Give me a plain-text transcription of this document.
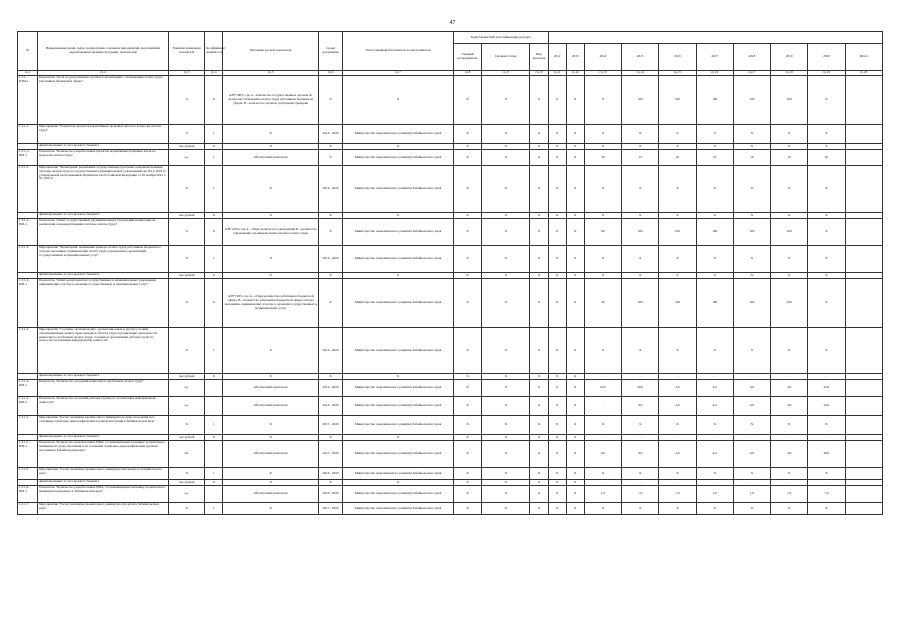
47
№	Наименование целей, задач, подпрограмм, основных мероприятий, мероприятий, ведомственных целевых программ, показателей	Единица измерения показателя	Коэффициент значимости	Методика расчета показателя	Сроки реализации	Ответственный исполнитель и соисполнители	Коды бюджетной классификации расходов												
							Главный распорядитель	Целевая статья	Вид расходов	2012	2013	2014	2015	2016	2017	2018	2019	2020	Итого

гр.1	гр.2	гр.3	гр.4	гр.5	гр.6	гр.7	гр.8	гр.9	гр.10	гр.11	гр.12	гр.13	гр.14	гр.15	гр.16	гр.17	гр.18	гр.19	гр.20
1.3.1.-ПЗМ-1	Показатель "Доля государственных органов и организаций, соблюдающих оплату труда работников бюджетной сферы"	%	X	A/B*100%, где A - количество государственных органов по вопросам соблюдения оплаты труда работников бюджетной сферы, B - количество органов, требующих проверки	X	X	X	X	X	X	X	X	100	100	100	100	100	X	
1.3.1.1.	Мероприятие "Разработка проектов нормативных правовых актов по вопросам оплаты труда"	X	1	X	2014 - 2020	Министерство экономического развития Забайкальского края	X	X	X	X	X	X	X	X	X	X	X	X	
	финансирование за счет краевого бюджета	тыс.рублей	X	X	X	X	X	X	X	X	X	X	X	X	X	X	X	X	
1.3.1.1.-ПМ-1	Показатель "Количество разработанных проектов нормативных правовых актов по вопросам оплаты труда"	ед.	1	Абсолютный показатель	X	Министерство экономического развития Забайкальского края	X	X	X	X	X	30	12	10	10	10	10	92	
1.3.1.2.	Мероприятие "Мониторинг реализации государственных программ совершенствования системы оплаты труда в государственных (муниципальных) учреждениях на 2012-2018 гг., утвержденной распоряжением Правительства Российской Федерации от 26 ноября 2012 г. № 2190-р"	X	1	X	2014 - 2020	Министерство экономического развития Забайкальского края	X	X	X	X	X	X	X	X	X	X	X	X	
	финансирование за счет краевого бюджета	тыс.рублей	X	X	X	X	X	X	X	X	X	X	X	X	X	X	X	X	
1.3.1.2.-ПМ-1	Показатель "Охват государственных (муниципальных) учреждений мониторингом реализации совершенствования системы оплаты труда"	%	X	A/B*100%, где A - общее количество учреждений, B - количество учреждений, где введена новая система оплаты труда	X	Министерство экономического развития Забайкальского края	X	X	X	X	X	90	100	100	100	100	100	X	
1.3.1.3.	Мероприятие "Мониторинг повышения размера оплаты труда работников бюджетного сектора экономики, принимающих оплату труда учреждений и организаций государственных и муниципальных услуг"	X	1	X	2014 - 2020	Министерство экономического развития Забайкальского края	X	X	X	X	X	X	X	X	X	X	X	X	
	финансирование за счет краевого бюджета	тыс.рублей	X	X	X	X	X	X	X	X	X	X	X	X	X	X	X	X	
1.3.1.3.-ПМ-1	Показатель "Охват мониторингом государственных и муниципальных учреждений, принимающих участие в оказании государственных и муниципальных услуг"	%	X	A/B*100%, где A - общее количество работников бюджетной сферы, B - количество работников бюджетной сферы сектора экономики, принимающих участие в оказании государственных и муниципальных услуг	X	Министерство экономического развития Забайкальского края	X	X	X	X	X	90	100	100	100	100	100	X	
1.3.1.4.	Мероприятие "Создание экономических, организационных и других условий, обеспечивающих защиту прав граждан в области труда (организацию деятельности комиссии по проблемам оплаты труда, создание и организацию рабочих групп по вопросам легализации неформальной занятости"	X	1	X	2014 - 2020	Министерство экономического развития Забайкальского края	X	X	X	X	X	X	X	X	X	X	X	X	
	финансирование за счет краевого бюджета	тыс.рублей	X	X	X	X	X	X	X	X	X	-	-	-	-	-	-	-	
1.3.1.4.-ПМ-1	Показатель "Количество заседаний комиссии по проблемам оплаты труда"	ед.		Абсолютный показатель	2014 - 2020	Министерство экономического развития Забайкальского края	X	X	X	X	X	10,0	30,0	4,0	4,0	4,0	4,0	43,0	
1.3.1.4.-ПМ-2	Показатель "Количество заседаний рабочей группы по легализации неформальной занятости"	ед.		Абсолютный показатель	2014 - 2020	Министерство экономического развития Забайкальского края	X	X	X	X	X	-	4,0	4,0	4,0	4,0	4,0	24,0	
1.3.1.5.	Мероприятие "Расчет величины прожиточного минимума на душу населения и по основным социально-демографическим группам населения в Забайкальском крае"	X	1	X	2015 - 2020	Министерство экономического развития Забайкальского края	X	X	X	X	X	X	X	X	X	X	X	X	
	финансирование за счет краевого бюджета	тыс.рублей	X	X	X	X	X	X	X	X	X	-	-	-	-	-	-	-	
1.3.1.5.-ПМ-1	Показатель "Количество разработанных НПА, устанавливающих величину прожиточного минимума на душу населения и по основным социально-демографическим группам населения в Забайкальском крае"	шт		Абсолютный показатель	2015 - 2020	Министерство экономического развития Забайкальского края	X	X	X	X	X	4,0	4,0	4,0	4,0	4,0	4,0	28,0	
1.3.1.6.	Мероприятие "Расчет величины прожиточного минимума пенсионера в Забайкальском крае"	X	1	X	2016 - 2020	Министерство экономического развития Забайкальского края	X	X	X	X	X	X	X	X	X	X	X	X	
	финансирование за счет краевого бюджета	тыс.рублей	X	X	X	X	X	X	X	X	X	-	-	-	-	-	-	-	
1.3.1.6.-ПМ-1	Показатель "Количество разработанных НПА, устанавливающих величину прожиточного минимума пенсионера в Забайкальском крае"	ед.		Абсолютный показатель	2016 - 2020	Министерство экономического развития Забайкальского края	X	X	X	X	X	1,0	1,0	1,0	1,0	1,0	1,0	7,0	
1.3.1.7.	Мероприятие "Расчет величины прожиточного минимума для детей в Забайкальском крае"	X	1	X	2017 - 2020	Министерство экономического развития Забайкальского края	X	X	X	X	X	X	X	X	X	X	X	X	
